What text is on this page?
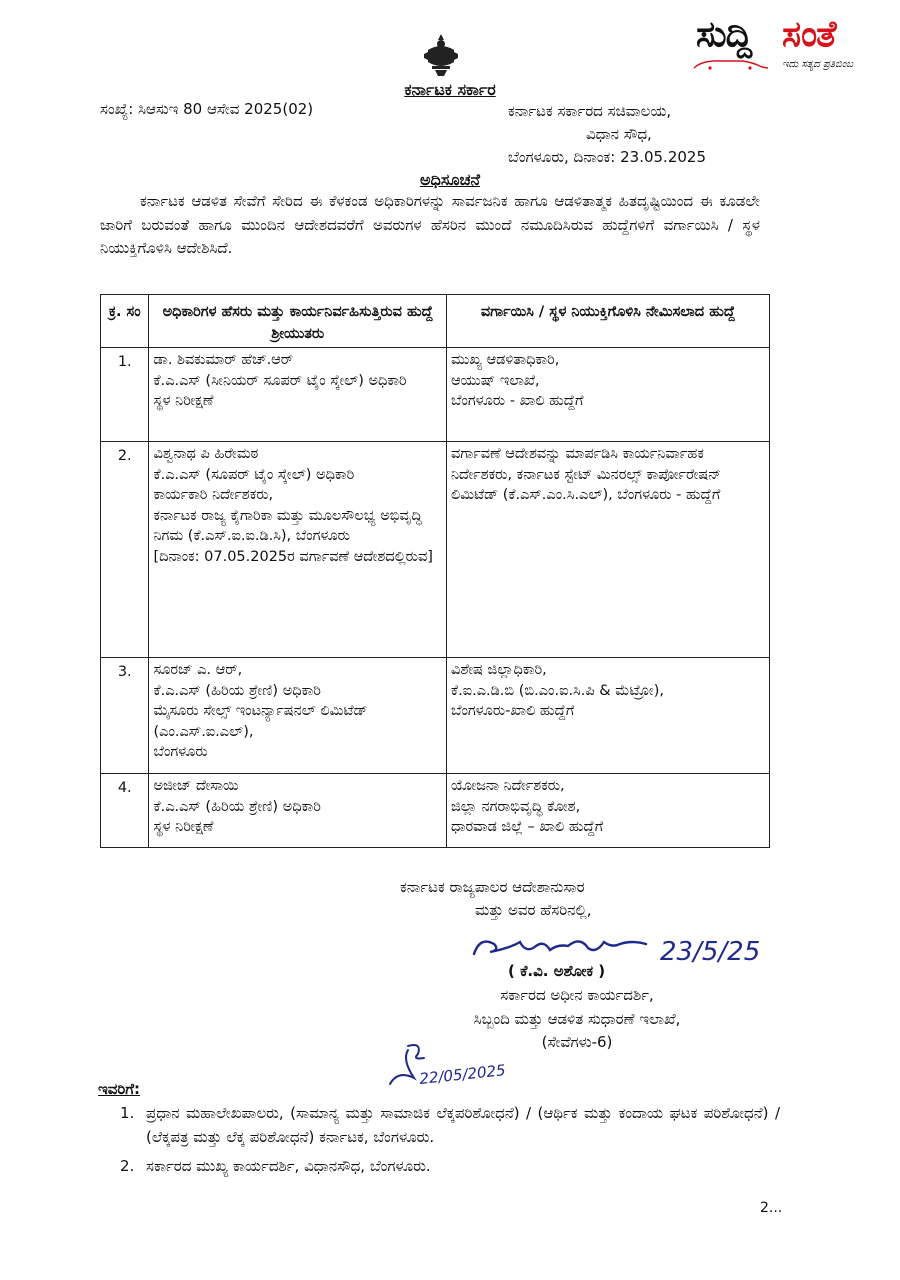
ಸುದ್ದಿ ಸಂತೆ
ಇದು ಸತ್ಯದ ಪ್ರತಿಬಿಂಬ
ಕರ್ನಾಟಕ ಸರ್ಕಾರ
ಸಂಖ್ಯೆ: ಸಿಆಸುಇ 80 ಆಸೇವ 2025(02)	ಕರ್ನಾಟಕ ಸರ್ಕಾರದ ಸಚಿವಾಲಯ,
ವಿಧಾನ ಸೌಧ,
ಬೆಂಗಳೂರು, ದಿನಾಂಕ: 23.05.2025
ಅಧಿಸೂಚನೆ
ಕರ್ನಾಟಕ ಆಡಳಿತ ಸೇವೆಗೆ ಸೇರಿದ ಈ ಕೆಳಕಂಡ ಅಧಿಕಾರಿಗಳನ್ನು ಸಾರ್ವಜನಿಕ ಹಾಗೂ ಆಡಳಿತಾತ್ಮಕ ಹಿತದೃಷ್ಟಿಯಿಂದ ಈ ಕೂಡಲೇ ಜಾರಿಗೆ ಬರುವಂತೆ ಹಾಗೂ ಮುಂದಿನ ಆದೇಶದವರೆಗೆ ಅವರುಗಳ ಹೆಸರಿನ ಮುಂದೆ ನಮೂದಿಸಿರುವ ಹುದ್ದೆಗಳಿಗೆ ವರ್ಗಾಯಿಸಿ / ಸ್ಥಳ ನಿಯುಕ್ತಿಗೊಳಿಸಿ ಆದೇಶಿಸಿದೆ.
ಕ್ರ. ಸಂ	ಅಧಿಕಾರಿಗಳ ಹೆಸರು ಮತ್ತು ಕಾರ್ಯನಿರ್ವಹಿಸುತ್ತಿರುವ ಹುದ್ದೆ ಶ್ರೀಯುತರು	ವರ್ಗಾಯಿಸಿ / ಸ್ಥಳ ನಿಯುಕ್ತಿಗೊಳಿಸಿ ನೇಮಿಸಲಾದ ಹುದ್ದೆ
1.	ಡಾ. ಶಿವಕುಮಾರ್ ಹೆಚ್.ಆರ್
ಕೆ.ಎ.ಎಸ್ (ಸೀನಿಯರ್ ಸೂಪರ್ ಟೈಂ ಸ್ಕೇಲ್) ಅಧಿಕಾರಿ
ಸ್ಥಳ ನಿರೀಕ್ಷಣೆ	ಮುಖ್ಯ ಆಡಳಿತಾಧಿಕಾರಿ,
ಆಯುಷ್ ಇಲಾಖೆ,
ಬೆಂಗಳೂರು - ಖಾಲಿ ಹುದ್ದೆಗೆ
2.	ವಿಶ್ವನಾಥ ಪಿ ಹಿರೇಮಠ
ಕೆ.ಎ.ಎಸ್ (ಸೂಪರ್ ಟೈಂ ಸ್ಕೇಲ್) ಅಧಿಕಾರಿ
ಕಾರ್ಯಕಾರಿ ನಿರ್ದೇಶಕರು,
ಕರ್ನಾಟಕ ರಾಜ್ಯ ಕೈಗಾರಿಕಾ ಮತ್ತು ಮೂಲಸೌಲಭ್ಯ ಅಭಿವೃದ್ಧಿ ನಿಗಮ (ಕೆ.ಎಸ್.ಐ.ಐ.ಡಿ.ಸಿ), ಬೆಂಗಳೂರು
[ದಿನಾಂಕ: 07.05.2025ರ ವರ್ಗಾವಣೆ ಆದೇಶದಲ್ಲಿರುವ]	ವರ್ಗಾವಣೆ ಆದೇಶವನ್ನು ಮಾರ್ಪಡಿಸಿ ಕಾರ್ಯನಿರ್ವಾಹಕ ನಿರ್ದೇಶಕರು, ಕರ್ನಾಟಕ ಸ್ಟೇಟ್ ಮಿನರಲ್ಸ್ ಕಾರ್ಪೋರೇಷನ್ ಲಿಮಿಟೆಡ್ (ಕೆ.ಎಸ್.ಎಂ.ಸಿ.ಎಲ್), ಬೆಂಗಳೂರು - ಹುದ್ದೆಗೆ
3.	ಸೂರಜ್ ಎ. ಆರ್,
ಕೆ.ಎ.ಎಸ್ (ಹಿರಿಯ ಶ್ರೇಣಿ) ಅಧಿಕಾರಿ
ಮೈಸೂರು ಸೇಲ್ಸ್ ಇಂಟರ್ನ್ಯಾಷನಲ್ ಲಿಮಿಟೆಡ್ (ಎಂ.ಎಸ್.ಐ.ಎಲ್),
ಬೆಂಗಳೂರು	ವಿಶೇಷ ಜಿಲ್ಲಾಧಿಕಾರಿ,
ಕೆ.ಐ.ಎ.ಡಿ.ಬಿ (ಬಿ.ಎಂ.ಐ.ಸಿ.ಪಿ & ಮೆಟ್ರೋ),
ಬೆಂಗಳೂರು-ಖಾಲಿ ಹುದ್ದೆಗೆ
4.	ಅಜೀಜ್ ದೇಸಾಯಿ
ಕೆ.ಎ.ಎಸ್ (ಹಿರಿಯ ಶ್ರೇಣಿ) ಅಧಿಕಾರಿ
ಸ್ಥಳ ನಿರೀಕ್ಷಣೆ	ಯೋಜನಾ ನಿರ್ದೇಶಕರು,
ಜಿಲ್ಲಾ ನಗರಾಭಿವೃದ್ಧಿ ಕೋಶ,
ಧಾರವಾಡ ಜಿಲ್ಲೆ – ಖಾಲಿ ಹುದ್ದೆಗೆ
ಕರ್ನಾಟಕ ರಾಜ್ಯಪಾಲರ ಆದೇಶಾನುಸಾರ
ಮತ್ತು ಅವರ ಹೆಸರಿನಲ್ಲಿ,
23/5/25
( ಕೆ.ವಿ. ಅಶೋಕ )
ಸರ್ಕಾರದ ಅಧೀನ ಕಾರ್ಯದರ್ಶಿ,
ಸಿಬ್ಬಂದಿ ಮತ್ತು ಆಡಳಿತ ಸುಧಾರಣೆ ಇಲಾಖೆ,
(ಸೇವೆಗಳು-6)
22/05/2025
ಇವರಿಗೆ:
1. ಪ್ರಧಾನ ಮಹಾಲೇಖಪಾಲರು, (ಸಾಮಾನ್ಯ ಮತ್ತು ಸಾಮಾಜಿಕ ಲೆಕ್ಕಪರಿಶೋಧನೆ) / (ಆರ್ಥಿಕ ಮತ್ತು ಕಂದಾಯ ಘಟಕ ಪರಿಶೋಧನೆ) / (ಲೆಕ್ಕಪತ್ರ ಮತ್ತು ಲೆಕ್ಕ ಪರಿಶೋಧನೆ) ಕರ್ನಾಟಕ, ಬೆಂಗಳೂರು.
2. ಸರ್ಕಾರದ ಮುಖ್ಯ ಕಾರ್ಯದರ್ಶಿ, ವಿಧಾನಸೌಧ, ಬೆಂಗಳೂರು.
2...
